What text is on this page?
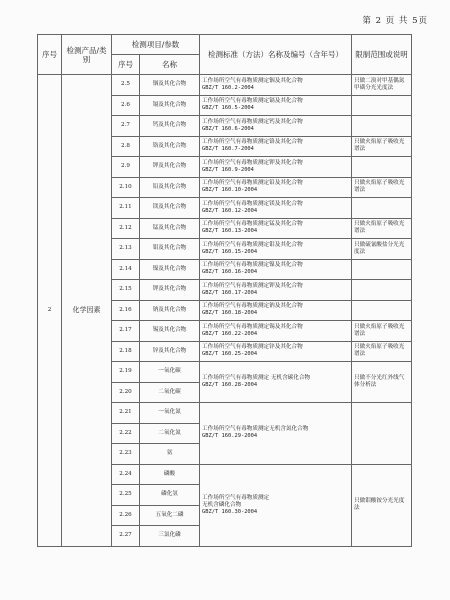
第 2 页 共 5页
序号	检测产品/类别	检测项目/参数		检测标准（方法）名称及编号（含年号）	限制范围或说明
		序号	名称		
2	化学因素	2.5	铟及其化合物	工作场所空气有毒物质测定铟及其化合物
GBZ/T 160.2-2004	只做二溴对甲基偶氮甲磺分光光度法
		2.6	镉及其化合物	工作场所空气有毒物质测定镉及其化合物
GBZ/T 160.5-2004	

		2.7	钙及其化合物	工作场所空气有毒物质测定钙及其化合物
GBZ/T 160.6-2004	

		2.8	铬及其化合物	工作场所空气有毒物质测定铬及其化合物
GBZ/T 160.7-2004	只做火焰原子吸收光谱法
		2.9	钾及其化合物	工作场所空气有毒物质测定钾及其化合物
GBZ/T 160.9-2004	

		2.10	铅及其化合物	工作场所空气有毒物质测定铅及其化合物
GBZ/T 160.10-2004	只做火焰原子吸收光谱法
		2.11	镁及其化合物	工作场所空气有毒物质测定镁及其化合物
GBZ/T 160.12-2004	

		2.12	锰及其化合物	工作场所空气有毒物质测定锰及其化合物
GBZ/T 160.13-2004	只做火焰原子吸收光谱法
		2.13	钼及其化合物	工作场所空气有毒物质测定钼及其化合物
GBZ/T 160.15-2004	只做硫氰酸盐分光光度法
		2.14	镍及其化合物	工作场所空气有毒物质测定镍及其化合物
GBZ/T 160.16-2004	

		2.15	钾及其化合物	工作场所空气有毒物质测定钾及其化合物
GBZ/T 160.17-2004	

		2.16	钠及其化合物	工作场所空气有毒物质测定钠及其化合物
GBZ/T 160.18-2004	

		2.17	锡及其化合物	工作场所空气有毒物质测定锡及其化合物
GBZ/T 160.22-2004	只做火焰原子吸收光谱法
		2.18	锌及其化合物	工作场所空气有毒物质测定锌及其化合物
GBZ/T 160.25-2004	只做火焰原子吸收光谱法
		2.19	一氧化碳	工作场所空气有毒物质测定 无机含碳化合物
GBZ/T 160.28-2004	只做不分光红外线气体分析法
		2.20	二氧化碳		
		2.21	一氧化氮	工作场所空气有毒物质测定无机含氮化合物
GBZ/T 160.29-2004	

		2.22	二氧化氮		
		2.23	氨		
		2.24	磷酸	工作场所空气有毒物质测定
无机含磷化合物
GBZ/T 160.30-2004	只做钼酸铵分光光度法
		2.25	磷化氢		
		2.26	五氧化二磷		
		2.27	三氯化磷		
